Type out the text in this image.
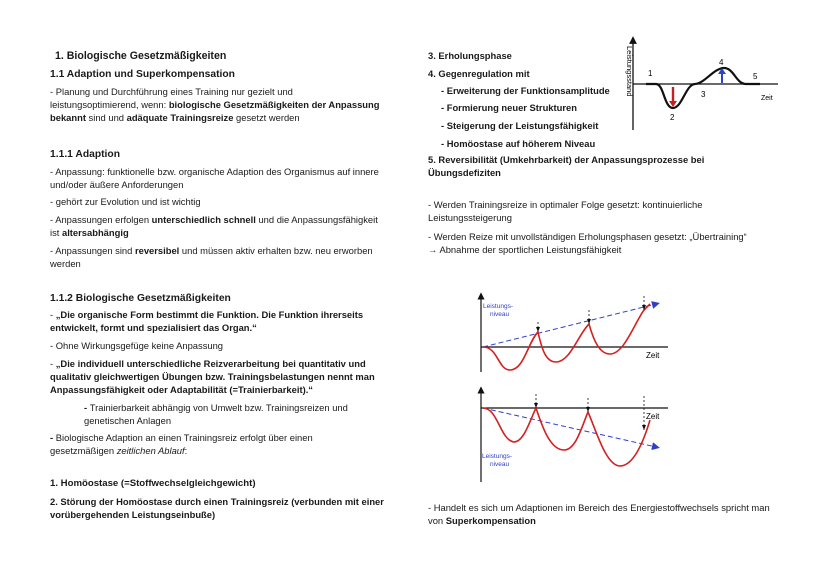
1. Biologische Gesetzmäßigkeiten
1.1 Adaption und Superkompensation

- Planung und Durchführung eines Training nur gezielt und leistungsoptimierend, wenn: biologische Gesetzmäßigkeiten der Anpassung bekannt sind und adäquate Trainingsreize gesetzt werden

1.1.1 Adaption

- Anpassung: funktionelle bzw. organische Adaption des Organismus auf innere und/oder äußere Anforderungen

- gehört zur Evolution und ist wichtig

- Anpassungen erfolgen unterschiedlich schnell und die Anpassungsfähigkeit ist altersabhängig

- Anpassungen sind reversibel und müssen aktiv erhalten bzw. neu erworben werden

1.1.2 Biologische Gesetzmäßigkeiten

- „Die organische Form bestimmt die Funktion. Die Funktion ihrerseits entwickelt, formt und spezialisiert das Organ.“

- Ohne Wirkungsgefüge keine Anpassung

- „Die individuell unterschiedliche Reizverarbeitung bei quantitativ und qualitativ gleichwertigen Übungen bzw. Trainingsbelastungen nennt man Anpassungsfähigkeit oder Adaptabilität (=Trainierbarkeit).“

- Trainierbarkeit abhängig von Umwelt bzw. Trainingsreizen und genetischen Anlagen

- Biologische Adaption an einen Trainingsreiz erfolgt über einen gesetzmäßigen zeitlichen Ablauf:

1. Homöostase (=Stoffwechselgleichgewicht)

2. Störung der Homöostase durch einen Trainingsreiz (verbunden mit einer vorübergehenden Leistungseinbuße)

3. Erholungsphase
4. Gegenregulation mit
- Erweiterung der Funktionsamplitude
- Formierung neuer Strukturen
- Steigerung der Leistungsfähigkeit
- Homöostase auf höherem Niveau

5. Reversibilität (Umkehrbarkeit) der Anpassungsprozesse bei Übungsdefiziten

- Werden Trainingsreize in optimaler Folge gesetzt: kontinuierliche Leistungssteigerung

- Werden Reize mit unvollständigen Erholungsphasen gesetzt: „Übertraining“
→ Abnahme der sportlichen Leistungsfähigkeit

- Handelt es sich um Adaptionen im Bereich des Energiestoffwechsels spricht man von Superkompensation

Leistungsstand
Zeit
1
2
3
4
5
Leistungs-
niveau
Zeit
Zeit
Leistungs-
niveau
